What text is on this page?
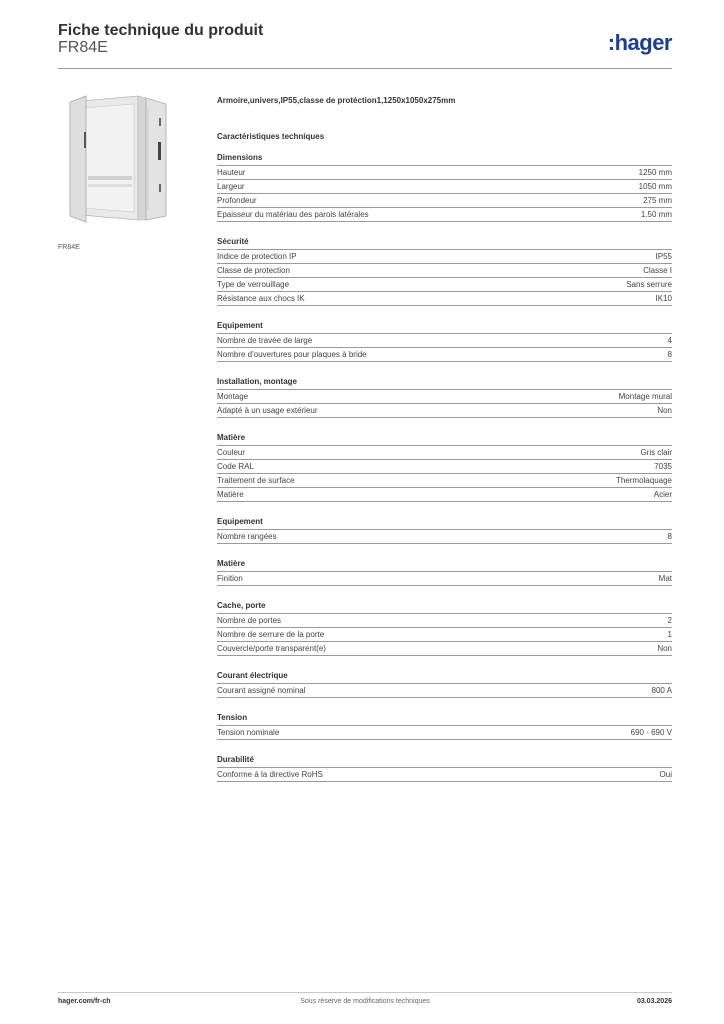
Fiche technique du produit
FR84E	:hager
FR84E
Armoire,univers,IP55,classe de protéction1,1250x1050x275mm
Caractéristiques techniques
Dimensions
Hauteur	1250 mm
Largeur	1050 mm
Profondeur	275 mm
Epaisseur du matériau des parois latérales	1.50 mm
Sécurité
Indice de protection IP	IP55
Classe de protection	Classe I
Type de verrouillage	Sans serrure
Résistance aux chocs IK	IK10
Equipement
Nombre de travée de large	4
Nombre d'ouvertures pour plaques à bride	8
Installation, montage
Montage	Montage mural
Adapté à un usage extérieur	Non
Matière
Couleur	Gris clair
Code RAL	7035
Traitement de surface	Thermolaquage
Matière	Acier
Equipement
Nombre rangées	8
Matière
Finition	Mat
Cache, porte
Nombre de portes	2
Nombre de serrure de la porte	1
Couvercle/porte transparent(e)	Non
Courant électrique
Courant assigné nominal	800 A
Tension
Tension nominale	690 - 690 V
Durabilité
Conforme à la directive RoHS	Oui
hager.com/fr-ch	Sous réserve de modifications techniques	03.03.2026
